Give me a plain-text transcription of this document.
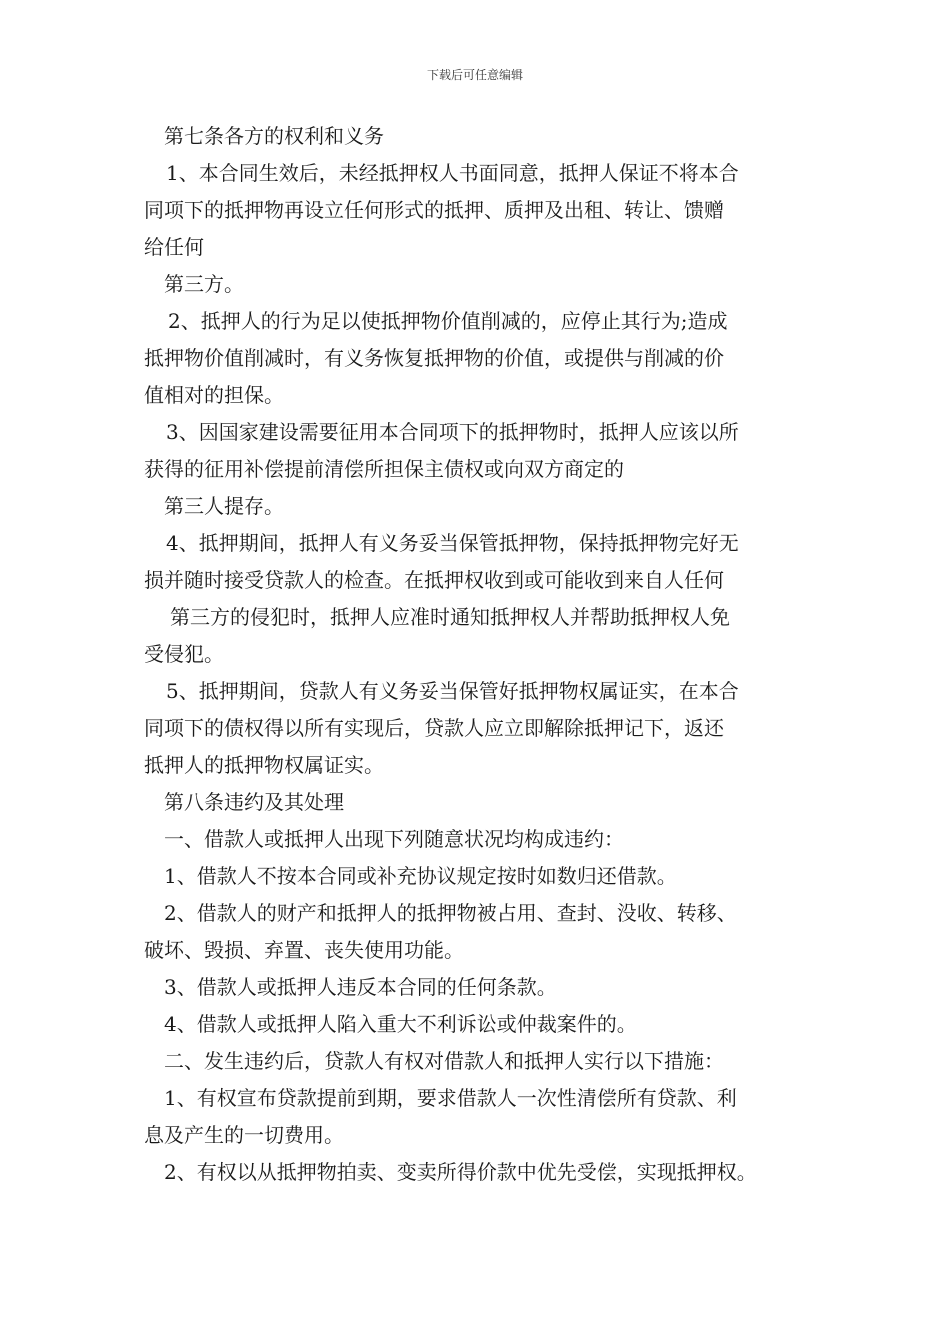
下载后可任意编辑
第七条各方的权利和义务
1、本合同生效后，未经抵押权人书面同意，抵押人保证不将本合
同项下的抵押物再设立任何形式的抵押、质押及出租、转让、馈赠
给任何
第三方。
2、抵押人的行为足以使抵押物价值削减的，应停止其行为;造成
抵押物价值削减时，有义务恢复抵押物的价值，或提供与削减的价
值相对的担保。
3、因国家建设需要征用本合同项下的抵押物时，抵押人应该以所
获得的征用补偿提前清偿所担保主债权或向双方商定的
第三人提存。
4、抵押期间，抵押人有义务妥当保管抵押物，保持抵押物完好无
损并随时接受贷款人的检查。在抵押权收到或可能收到来自人任何
第三方的侵犯时，抵押人应准时通知抵押权人并帮助抵押权人免
受侵犯。
5、抵押期间，贷款人有义务妥当保管好抵押物权属证实，在本合
同项下的债权得以所有实现后，贷款人应立即解除抵押记下，返还
抵押人的抵押物权属证实。
第八条违约及其处理
一、借款人或抵押人出现下列随意状况均构成违约：
1、借款人不按本合同或补充协议规定按时如数归还借款。
2、借款人的财产和抵押人的抵押物被占用、查封、没收、转移、
破坏、毁损、弃置、丧失使用功能。
3、借款人或抵押人违反本合同的任何条款。
4、借款人或抵押人陷入重大不利诉讼或仲裁案件的。
二、发生违约后，贷款人有权对借款人和抵押人实行以下措施：
1、有权宣布贷款提前到期，要求借款人一次性清偿所有贷款、利
息及产生的一切费用。
2、有权以从抵押物拍卖、变卖所得价款中优先受偿，实现抵押权。
